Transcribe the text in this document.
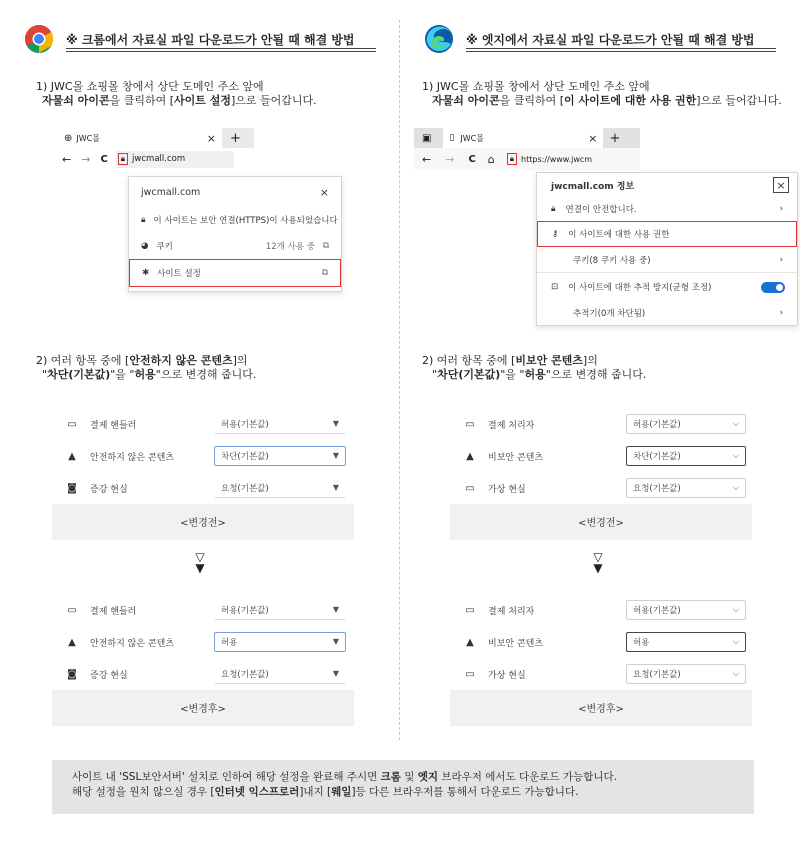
※ 크롬에서 자료실 파일 다운로드가 안될 때 해결 방법
1) JWC몰 쇼핑몰 창에서 상단 도메인 주소 앞에
자물쇠 아이콘을 클릭하여 [사이트 설정]으로 들어갑니다.
⊕ JWC몰	× +
← → C	🔒︎ jwcmall.com
jwcmall.com	×
🔒︎ 이 사이트는 보안 연결(HTTPS)이 사용되었습니다
◕ 쿠키	12개 사용 중 ⧉
✱ 사이트 설정	⧉
2) 여러 항목 중에 [안전하지 않은 콘텐츠]의
"차단(기본값)"을 "허용"으로 변경해 줍니다.
▭	결제 핸들러	허용(기본값)	▼
▲	안전하지 않은 콘텐츠	차단(기본값)	▼
◙	증강 현실	요청(기본값)	▼
<변경전>
▽
▼
▭	결제 핸들러	허용(기본값)	▼
▲	안전하지 않은 콘텐츠	허용	▼
◙	증강 현실	요청(기본값)	▼
<변경후>
※ 엣지에서 자료실 파일 다운로드가 안될 때 해결 방법
1) JWC몰 쇼핑몰 창에서 상단 도메인 주소 앞에
자물쇠 아이콘을 클릭하여 [이 사이트에 대한 사용 권한]으로 들어갑니다.
▣ ▯ JWC몰	× +
← → C ⌂	🔒︎ https://www.jwcm
jwcmall.com 정보	×
🔒︎ 연결이 안전합니다.	›
⚷ 이 사이트에 대한 사용 권한
쿠키(8 쿠키 사용 중)	›
⊡ 이 사이트에 대한 추적 방지(균형 조정)
추적기(0개 차단됨)	›
2) 여러 항목 중에 [비보안 콘텐츠]의
"차단(기본값)"을 "허용"으로 변경해 줍니다.
▭	결제 처리자	허용(기본값)	⌵
▲	비보안 콘텐츠	차단(기본값)	⌵
▭	가상 현실	요청(기본값)	⌵
<변경전>
▽
▼
▭	결제 처리자	허용(기본값)	⌵
▲	비보안 콘텐츠	허용	⌵
▭	가상 현실	요청(기본값)	⌵
<변경후>
사이트 내 'SSL보안서버' 설치로 인하여 해당 설정을 완료해 주시면 크롬 및 엣지 브라우저 에서도 다운로드 가능합니다.
해당 설정을 원치 않으실 경우 [인터넷 익스프로러]내지 [웨일]등 다른 브라우저를 통해서 다운로드 가능합니다.
